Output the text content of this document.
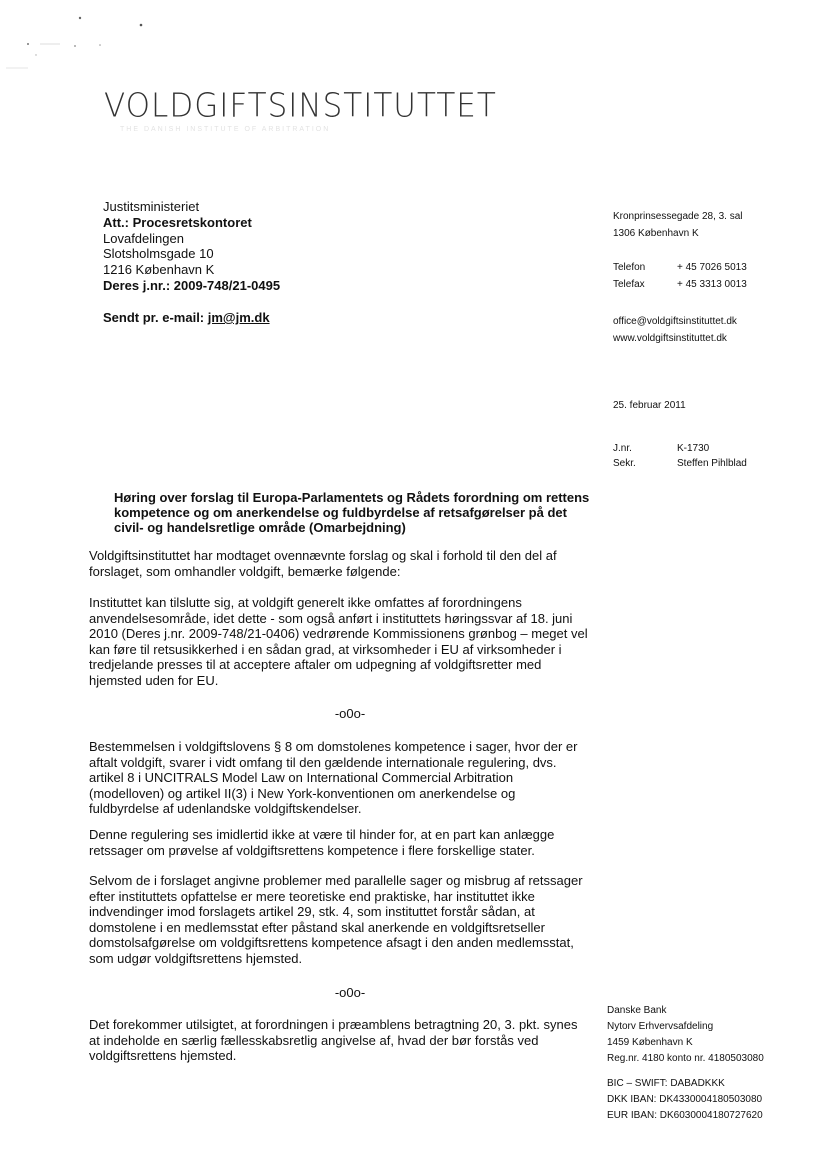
VOLDGIFTSINSTITUTTET
THE DANISH INSTITUTE OF ARBITRATION
Justitsministeriet
Att.: Procesretskontoret
Lovafdelingen
Slotsholmsgade 10
1216 København K
Deres j.nr.: 2009-748/21-0495
Sendt pr. e-mail: jm@jm.dk
Kronprinsessegade 28, 3. sal
1306 København K
Telefon	+ 45 7026 5013
Telefax	+ 45 3313 0013
office@voldgiftsinstituttet.dk
www.voldgiftsinstituttet.dk
25. februar 2011
J.nr.	K-1730
Sekr.	Steffen Pihlblad
Høring over forslag til Europa-Parlamentets og Rådets forordning om rettens kompetence og om anerkendelse og fuldbyrdelse af retsafgørelser på det civil- og handelsretlige område (Omarbejdning)
Voldgiftsinstituttet har modtaget ovennævnte forslag og skal i forhold til den del af forslaget, som omhandler voldgift, bemærke følgende:
Instituttet kan tilslutte sig, at voldgift generelt ikke omfattes af forordningens anvendelsesområde, idet dette - som også anført i instituttets høringssvar af 18. juni 2010 (Deres j.nr. 2009-748/21-0406) vedrørende Kommissionens grønbog – meget vel kan føre til retsusikkerhed i en sådan grad, at virksomheder i EU af virksomheder i tredjelande presses til at acceptere aftaler om udpegning af voldgiftsretter med hjemsted uden for EU.
-o0o-
Bestemmelsen i voldgiftslovens § 8 om domstolenes kompetence i sager, hvor der er aftalt voldgift, svarer i vidt omfang til den gældende internationale regulering, dvs. artikel 8 i UNCITRALS Model Law on International Commercial Arbitration (modelloven) og artikel II(3) i New York-konventionen om anerkendelse og fuldbyrdelse af udenlandske voldgiftskendelser.
Denne regulering ses imidlertid ikke at være til hinder for, at en part kan anlægge retssager om prøvelse af voldgiftsrettens kompetence i flere forskellige stater.
Selvom de i forslaget angivne problemer med parallelle sager og misbrug af retssager efter instituttets opfattelse er mere teoretiske end praktiske, har instituttet ikke indvendinger imod forslagets artikel 29, stk. 4, som instituttet forstår sådan, at domstolene i en medlemsstat efter påstand skal anerkende en voldgiftsretseller domstolsafgørelse om voldgiftsrettens kompetence afsagt i den anden medlemsstat, som udgør voldgiftsrettens hjemsted.
-o0o-
Det forekommer utilsigtet, at forordningen i præamblens betragtning 20, 3. pkt. synes at indeholde en særlig fællesskabsretlig angivelse af, hvad der bør forstås ved voldgiftsrettens hjemsted.
Danske Bank
Nytorv Erhvervsafdeling
1459 København K
Reg.nr. 4180 konto nr. 4180503080
BIC – SWIFT: DABADKKK
DKK IBAN: DK4330004180503080
EUR IBAN: DK6030004180727620
